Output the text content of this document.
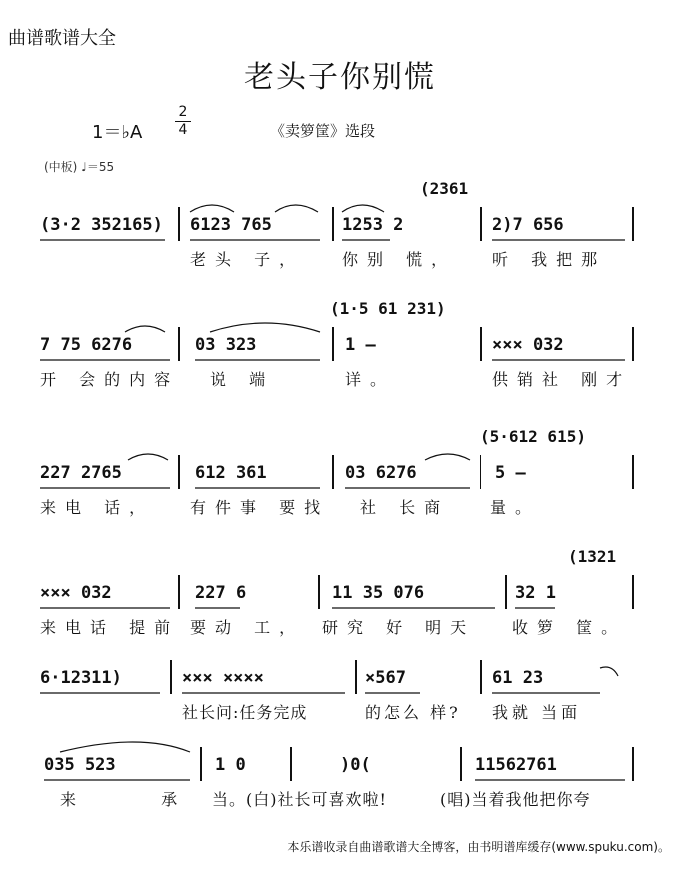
曲谱歌谱大全
老头子你别慌
1＝♭A
2
4	《卖箩筐》选段
(中板) ♩＝55
(2361
(3·2 352165) 6123 765
老头 子，
1253 2
你别 慌，
2)7 656
听 我把那
(1·5 61 231)
7 75 6276
开 会的内容
03 323
说 端
1 —
详。
××× 032
供销社 刚才
(5·612 615)
227 2765
来电 话，
612 361
有件事 要找
03 6276
社 长商
5 —
量。
(1321
××× 032
来电话 提前
227 6
要动 工，
11 35 076
研究 好 明天
32 1
收箩 筐。
6·12311)	××× ××××
社长问:任务完成
×567
的怎么 样?
61 23
我就 当面
035 523
来 承
1 0
当。(白)社长可喜欢啦!
)0(	11562761
(唱)当着我他把你夸
本乐谱收录自曲谱歌谱大全博客，由书明谱库缓存(www.spuku.com)。
